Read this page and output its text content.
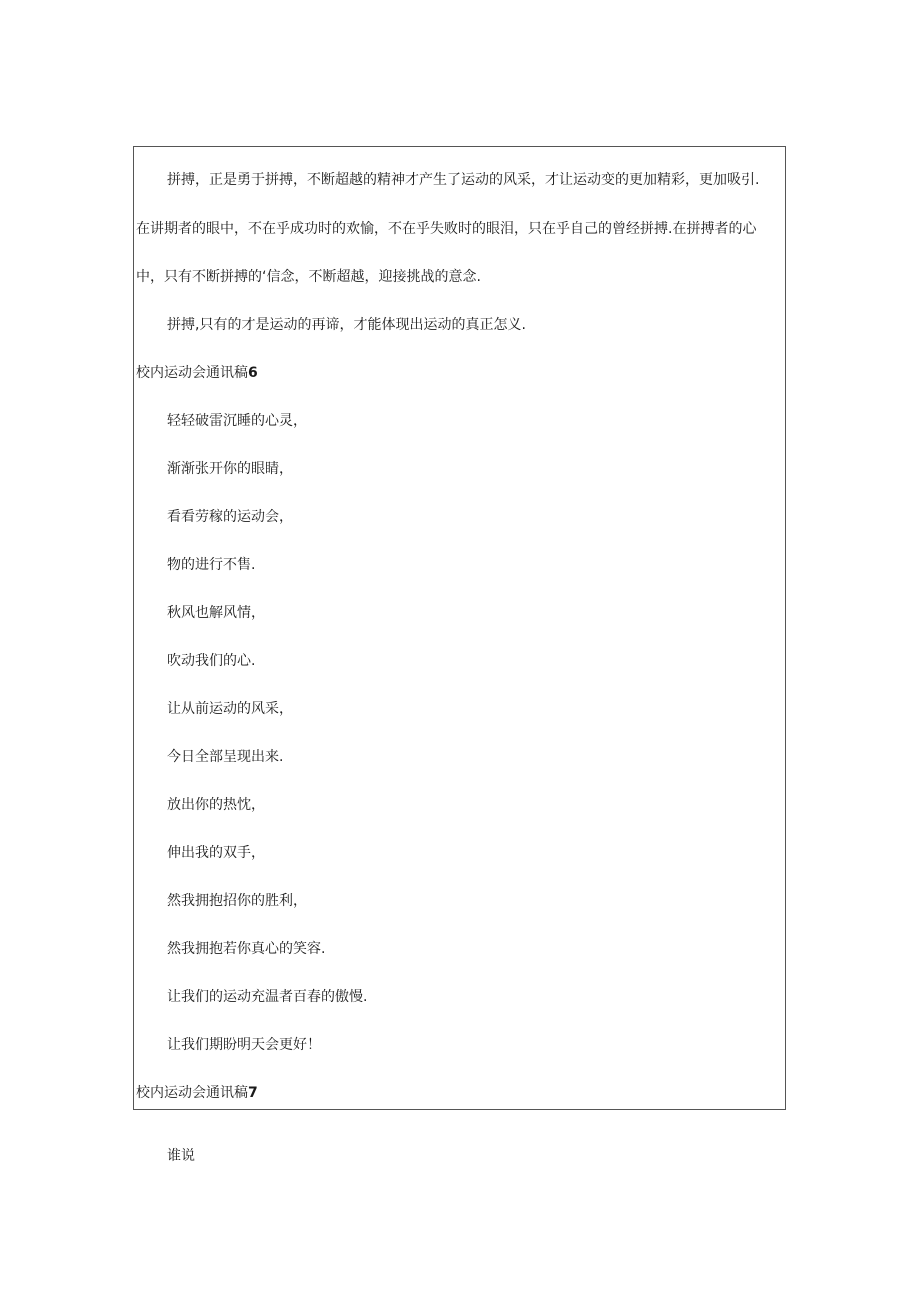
拼搏，正是勇于拼搏，不断超越的精神才产生了运动的风采，才让运动变的更加精彩，更加吸引.
在讲期者的眼中，不在乎成功时的欢愉，不在乎失败时的眼泪，只在乎自己的曾经拼搏.在拼搏者的心
中，只有不断拼搏的‘信念，不断超越，迎接挑战的意念.
拼搏,只有的才是运动的再谛，才能体现出运动的真正怎义.
校内运动会通讯稿6
轻轻破雷沉睡的心灵，
渐渐张开你的眼睛，
看看劳稼的运动会，
物的进行不售.
秋风也解风情，
吹动我们的心.
让从前运动的风采，
今日全部呈现出来.
放出你的热忱，
伸出我的双手，
然我拥抱招你的胜利，
然我拥抱若你真心的笑容.
让我们的运动充温者百春的傲慢.
让我们期盼明天会更好！
校内运动会通讯稿7
谁说
